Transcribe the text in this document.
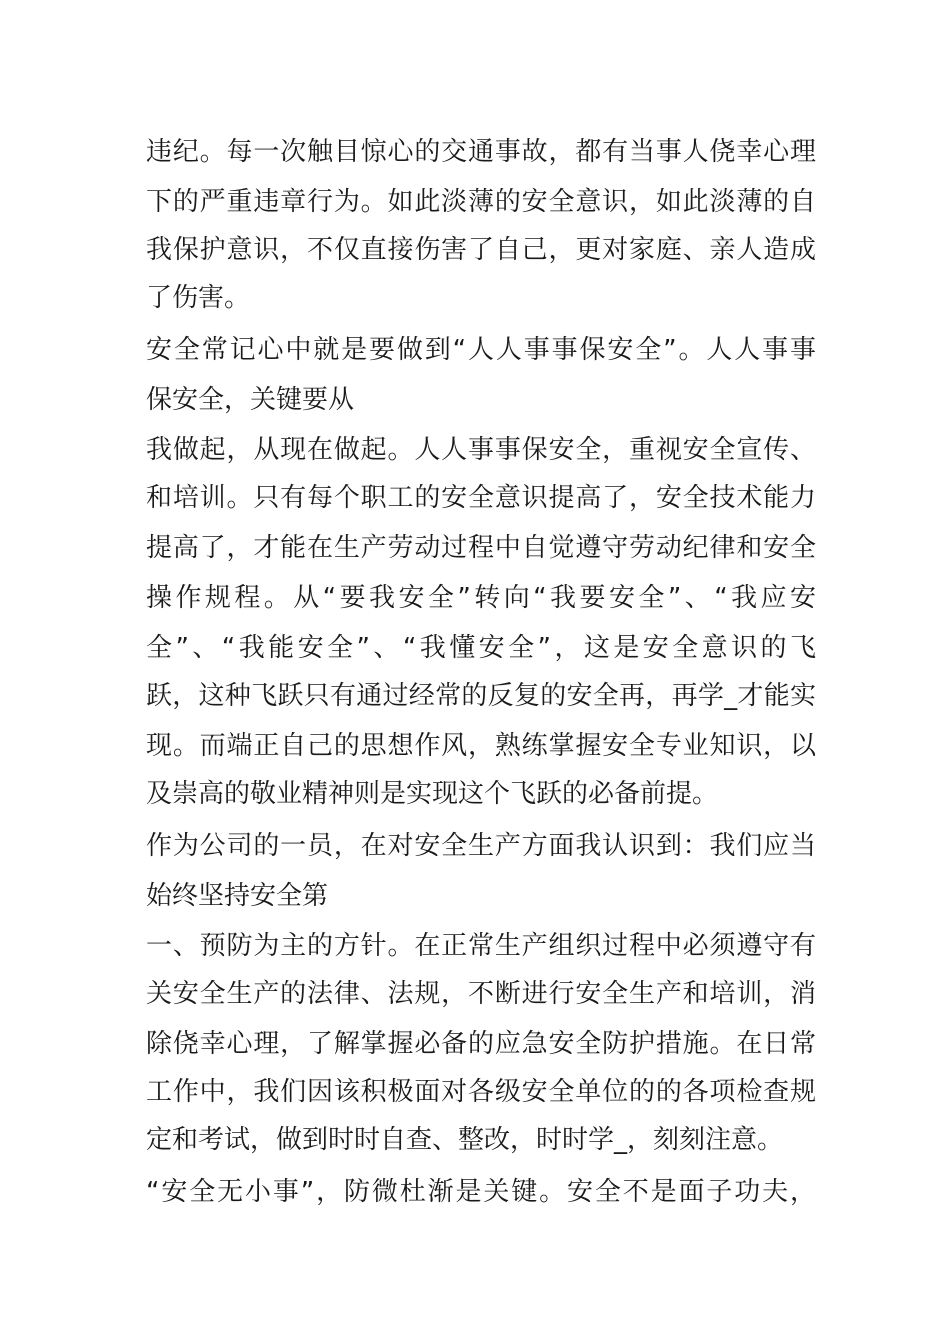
违纪。每一次触目惊心的交通事故，都有当事人侥幸心理
下的严重违章行为。如此淡薄的安全意识，如此淡薄的自
我保护意识，不仅直接伤害了自己，更对家庭、亲人造成
了伤害。
安全常记心中就是要做到“人人事事保安全”。人人事事
保安全，关键要从
我做起，从现在做起。人人事事保安全，重视安全宣传、
和培训。只有每个职工的安全意识提高了，安全技术能力
提高了，才能在生产劳动过程中自觉遵守劳动纪律和安全
操作规程。从“要我安全”转向“我要安全”、“我应安
全”、“我能安全”、“我懂安全”，这是安全意识的飞
跃，这种飞跃只有通过经常的反复的安全再，再学_才能实
现。而端正自己的思想作风，熟练掌握安全专业知识，以
及崇高的敬业精神则是实现这个飞跃的必备前提。
作为公司的一员，在对安全生产方面我认识到：我们应当
始终坚持安全第
一、预防为主的方针。在正常生产组织过程中必须遵守有
关安全生产的法律、法规，不断进行安全生产和培训，消
除侥幸心理，了解掌握必备的应急安全防护措施。在日常
工作中，我们因该积极面对各级安全单位的的各项检查规
定和考试，做到时时自查、整改，时时学_，刻刻注意。
“安全无小事”，防微杜渐是关键。安全不是面子功夫，
